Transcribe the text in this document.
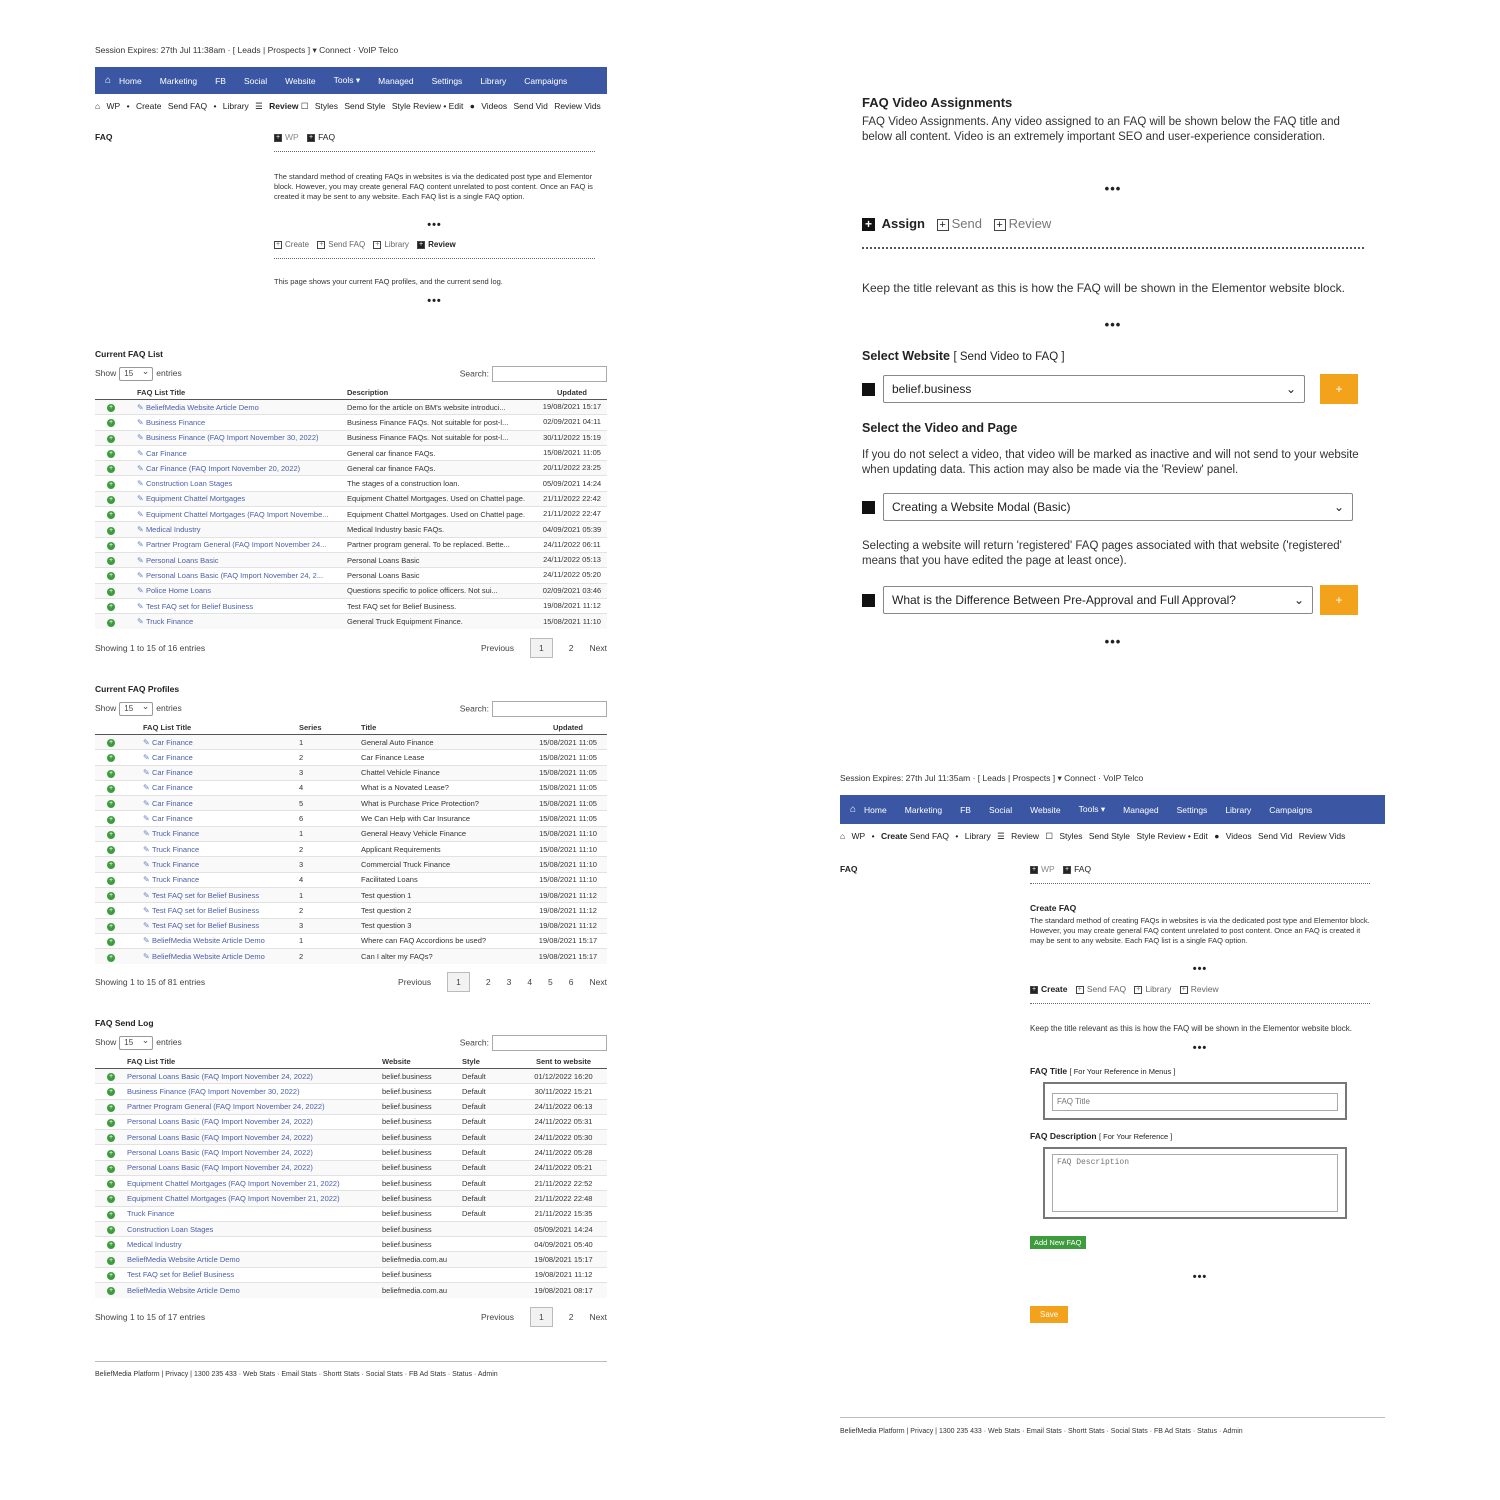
Session Expires: 27th Jul 11:38am · [ Leads | Prospects ] ▾ Connect · VoIP Telco
⌂ Home Marketing FB Social Website Tools ▾ Managed Settings Library Campaigns
⌂ WP • Create Send FAQ • Library ☰ Review ☐ Styles Send Style Style Review • Edit ● Videos Send Vid Review Vids
FAQ	+ WP + FAQ
The standard method of creating FAQs in websites is via the dedicated post type and Elementor block. However, you may create general FAQ content unrelated to post content. Once an FAQ is created it may be sent to any website. Each FAQ list is a single FAQ option.
•••
+ Create + Send FAQ + Library + Review
This page shows your current FAQ profiles, and the current send log.
•••
Current FAQ List
Show 15 ⌄	entries	Search:
	FAQ List Title	Description	Updated
+	✎ BeliefMedia Website Article Demo	Demo for the article on BM's website introduci...	19/08/2021 15:17
+	✎ Business Finance	Business Finance FAQs. Not suitable for post-l...	02/09/2021 04:11
+	✎ Business Finance (FAQ Import November 30, 2022)	Business Finance FAQs. Not suitable for post-l...	30/11/2022 15:19
+	✎ Car Finance	General car finance FAQs.	15/08/2021 11:05
+	✎ Car Finance (FAQ Import November 20, 2022)	General car finance FAQs.	20/11/2022 23:25
+	✎ Construction Loan Stages	The stages of a construction loan.	05/09/2021 14:24
+	✎ Equipment Chattel Mortgages	Equipment Chattel Mortgages. Used on Chattel page.	21/11/2022 22:42
+	✎ Equipment Chattel Mortgages (FAQ Import Novembe...	Equipment Chattel Mortgages. Used on Chattel page.	21/11/2022 22:47
+	✎ Medical Industry	Medical Industry basic FAQs.	04/09/2021 05:39
+	✎ Partner Program General (FAQ Import November 24...	Partner program general. To be replaced. Bette...	24/11/2022 06:11
+	✎ Personal Loans Basic	Personal Loans Basic	24/11/2022 05:13
+	✎ Personal Loans Basic (FAQ Import November 24, 2...	Personal Loans Basic	24/11/2022 05:20
+	✎ Police Home Loans	Questions specific to police officers. Not sui...	02/09/2021 03:46
+	✎ Test FAQ set for Belief Business	Test FAQ set for Belief Business.	19/08/2021 11:12
+	✎ Truck Finance	General Truck Equipment Finance.	15/08/2021 11:10
Showing 1 to 15 of 16 entries	Previous	1	2 Next
Current FAQ Profiles
Show 15 ⌄	entries	Search:
	FAQ List Title	Series	Title	Updated
+	✎ Car Finance	1	General Auto Finance	15/08/2021 11:05
+	✎ Car Finance	2	Car Finance Lease	15/08/2021 11:05
+	✎ Car Finance	3	Chattel Vehicle Finance	15/08/2021 11:05
+	✎ Car Finance	4	What is a Novated Lease?	15/08/2021 11:05
+	✎ Car Finance	5	What is Purchase Price Protection?	15/08/2021 11:05
+	✎ Car Finance	6	We Can Help with Car Insurance	15/08/2021 11:05
+	✎ Truck Finance	1	General Heavy Vehicle Finance	15/08/2021 11:10
+	✎ Truck Finance	2	Applicant Requirements	15/08/2021 11:10
+	✎ Truck Finance	3	Commercial Truck Finance	15/08/2021 11:10
+	✎ Truck Finance	4	Facilitated Loans	15/08/2021 11:10
+	✎ Test FAQ set for Belief Business	1	Test question 1	19/08/2021 11:12
+	✎ Test FAQ set for Belief Business	2	Test question 2	19/08/2021 11:12
+	✎ Test FAQ set for Belief Business	3	Test question 3	19/08/2021 11:12
+	✎ BeliefMedia Website Article Demo	1	Where can FAQ Accordions be used?	19/08/2021 15:17
+	✎ BeliefMedia Website Article Demo	2	Can I alter my FAQs?	19/08/2021 15:17
Showing 1 to 15 of 81 entries	Previous	1	2 3 4 5 6 Next
FAQ Send Log
Show 15 ⌄	entries	Search:
	FAQ List Title	Website	Style	Sent to website
+	Personal Loans Basic (FAQ Import November 24, 2022)	belief.business	Default	01/12/2022 16:20
+	Business Finance (FAQ Import November 30, 2022)	belief.business	Default	30/11/2022 15:21
+	Partner Program General (FAQ Import November 24, 2022)	belief.business	Default	24/11/2022 06:13
+	Personal Loans Basic (FAQ Import November 24, 2022)	belief.business	Default	24/11/2022 05:31
+	Personal Loans Basic (FAQ Import November 24, 2022)	belief.business	Default	24/11/2022 05:30
+	Personal Loans Basic (FAQ Import November 24, 2022)	belief.business	Default	24/11/2022 05:28
+	Personal Loans Basic (FAQ Import November 24, 2022)	belief.business	Default	24/11/2022 05:21
+	Equipment Chattel Mortgages (FAQ Import November 21, 2022)	belief.business	Default	21/11/2022 22:52
+	Equipment Chattel Mortgages (FAQ Import November 21, 2022)	belief.business	Default	21/11/2022 22:48
+	Truck Finance	belief.business	Default	21/11/2022 15:35
+	Construction Loan Stages	belief.business		05/09/2021 14:24
+	Medical Industry	belief.business		04/09/2021 05:40
+	BeliefMedia Website Article Demo	beliefmedia.com.au		19/08/2021 15:17
+	Test FAQ set for Belief Business	belief.business		19/08/2021 11:12
+	BeliefMedia Website Article Demo	beliefmedia.com.au		19/08/2021 08:17
Showing 1 to 15 of 17 entries	Previous	1	2 Next
BeliefMedia Platform | Privacy | 1300 235 433 · Web Stats · Email Stats · Shortt Stats · Social Stats · FB Ad Stats · Status · Admin
FAQ Video Assignments
FAQ Video Assignments. Any video assigned to an FAQ will be shown below the FAQ title and below all content. Video is an extremely important SEO and user-experience consideration.
•••
+ Assign + Send + Review
Keep the title relevant as this is how the FAQ will be shown in the Elementor website block.
•••
Select Website [ Send Video to FAQ ]
belief.business	⌄	+
Select the Video and Page
If you do not select a video, that video will be marked as inactive and will not send to your website when updating data. This action may also be made via the 'Review' panel.
Creating a Website Modal (Basic)	⌄
Selecting a website will return 'registered' FAQ pages associated with that website ('registered' means that you have edited the page at least once).
What is the Difference Between Pre-Approval and Full Approval?	⌄	+
•••
Session Expires: 27th Jul 11:35am · [ Leads | Prospects ] ▾ Connect · VoIP Telco
⌂ Home Marketing FB Social Website Tools ▾ Managed Settings Library Campaigns
⌂ WP • Create Send FAQ • Library ☰ Review ☐ Styles Send Style Style Review • Edit ● Videos Send Vid Review Vids
FAQ	+ WP + FAQ
Create FAQ
The standard method of creating FAQs in websites is via the dedicated post type and Elementor block. However, you may create general FAQ content unrelated to post content. Once an FAQ is created it may be sent to any website. Each FAQ list is a single FAQ option.
•••
+ Create + Send FAQ + Library + Review
Keep the title relevant as this is how the FAQ will be shown in the Elementor website block.
•••
FAQ Title [ For Your Reference in Menus ]
FAQ Title
FAQ Description [ For Your Reference ]
FAQ Description
Add New FAQ
•••
Save
BeliefMedia Platform | Privacy | 1300 235 433 · Web Stats · Email Stats · Shortt Stats · Social Stats · FB Ad Stats · Status · Admin
